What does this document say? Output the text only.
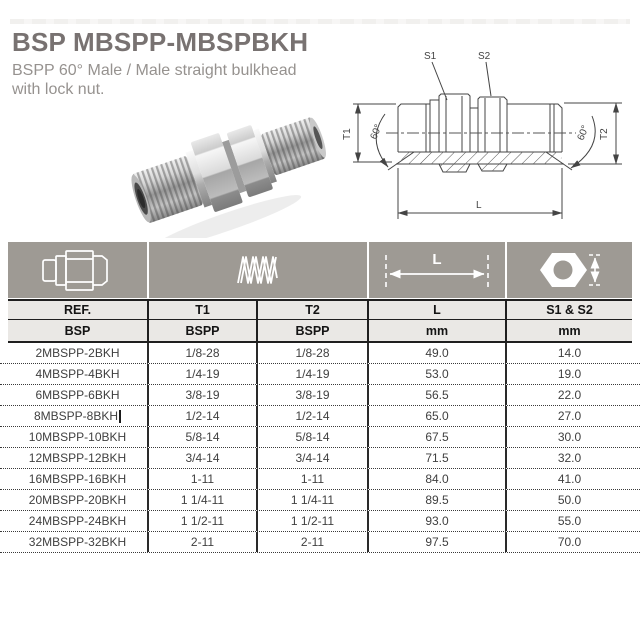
BSP MBSPP-MBSPBKH
BSPP 60° Male / Male straight bulkhead
with lock nut.
S1	S2
T1 60°	60° T2
L
L
REF.	T1	T2	L	S1 & S2
BSP	BSPP	BSPP	mm	mm
2MBSPP-2BKH	1/8-28	1/8-28	49.0	14.0
4MBSPP-4BKH	1/4-19	1/4-19	53.0	19.0
6MBSPP-6BKH	3/8-19	3/8-19	56.5	22.0
8MBSPP-8BKH	1/2-14	1/2-14	65.0	27.0
10MBSPP-10BKH	5/8-14	5/8-14	67.5	30.0
12MBSPP-12BKH	3/4-14	3/4-14	71.5	32.0
16MBSPP-16BKH	1-11	1-11	84.0	41.0
20MBSPP-20BKH	1 1/4-11	1 1/4-11	89.5	50.0
24MBSPP-24BKH	1 1/2-11	1 1/2-11	93.0	55.0
32MBSPP-32BKH	2-11	2-11	97.5	70.0
